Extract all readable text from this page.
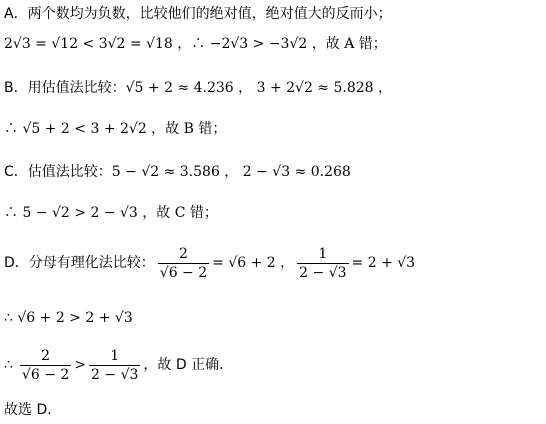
A．两个数均为负数，比较他们的绝对值，绝对值大的反而小；
2√3 = √12 < 3√2 = √18 ，∴ −2√3 > −3√2 ，故 A 错；
B．用估值法比较： √5 + 2 ≈ 4.236 ， 3 + 2√2 ≈ 5.828 ，
∴ √5 + 2 < 3 + 2√2 ，故 B 错；
C．估值法比较： 5 − √2 ≈ 3.586 ， 2 − √3 ≈ 0.268
∴ 5 − √2 > 2 − √3 ，故 C 错；
D．分母有理化法比较： $\frac{2}{√6 - 2} = √6 + 2$ ， $\frac{1}{2 - √3} = 2 + √3$
∴ √6 + 2 > 2 + √3
∴ $\frac{2}{√6 - 2} > \frac{1}{2 - √3}$ ，故 D 正确.
故选 D.
